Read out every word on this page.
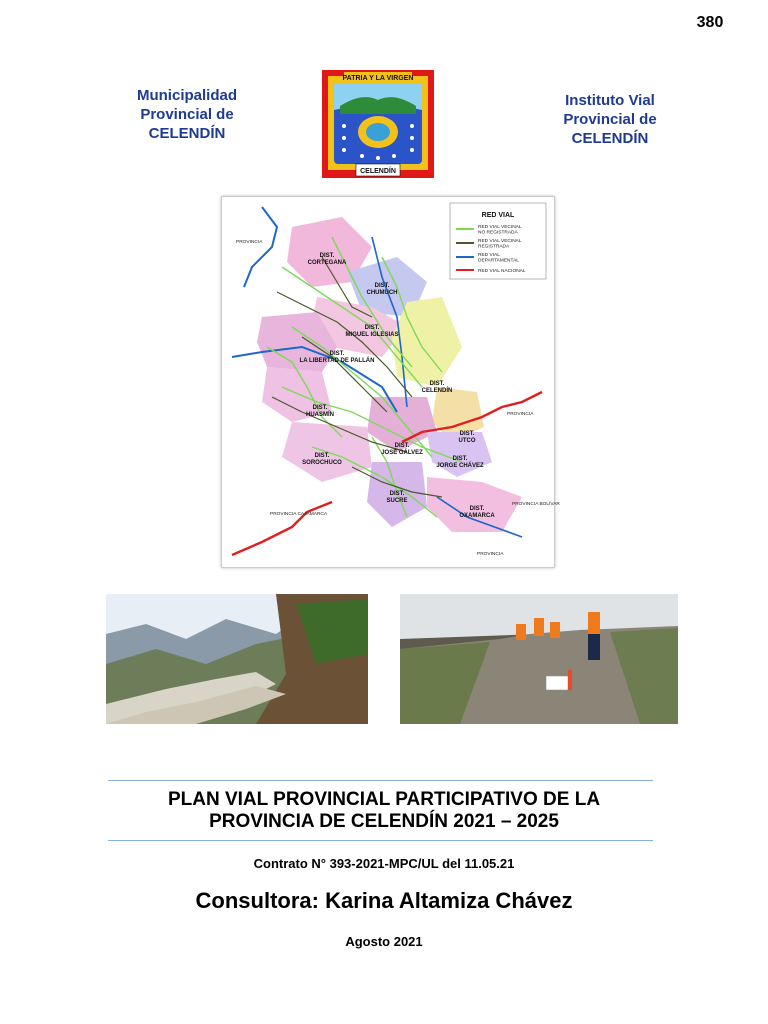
380
Municipalidad
Provincial de
CELENDÍN
Instituto Vial
Provincial de
CELENDÍN
PATRIA Y LA VIRGEN
CELENDÍN
DIST. CORTEGANA
DIST. CHUMUCH
DIST. MIGUEL IGLESIAS
DIST. LA LIBERTAD DE PALLÁN
DIST. CELENDÍN
DIST. HUASMÍN
DIST. UTCO
DIST. JOSÉ GÁLVEZ
DIST. JORGE CHÁVEZ
DIST. SOROCHUCO
DIST. SUCRE
DIST. OXAMARCA
PROVINCIA
PROVINCIA
PROVINCIA CAJAMARCA
PROVINCIA BOLÍVAR
PROVINCIA
RED VIAL
RED VIAL VECINAL NO REGISTRADA
RED VIAL VECINAL REGISTRADA
RED VIAL DEPARTAMENTAL
RED VIAL NACIONAL
PLAN VIAL PROVINCIAL PARTICIPATIVO DE LA
PROVINCIA DE CELENDÍN 2021 – 2025
Contrato N° 393-2021-MPC/UL del 11.05.21
Consultora: Karina Altamiza Chávez
Agosto 2021
